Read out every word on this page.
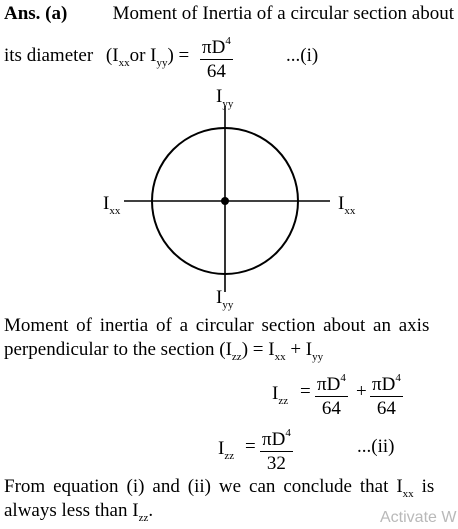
Ans. (a) Moment of Inertia of a circular section about
its diameter ($I_{xx}or$ $I_{yy}) = \frac{\pi D^4}{64}$	...(i)
$I_{yy}$
$I_{yy}$
$I_{xx}$	$I_{xx}$
Moment of inertia of a circular section about an axis
perpendicular to the section $(I_{zz}) = I_{xx} + I_{yy}$
$I_{zz} = \frac{\pi D^4}{64} + \frac{\pi D^4}{64}$
$I_{zz} = \frac{\pi D^4}{32}$	...(ii)
From equation (i) and (ii) we can conclude that $I_{xx}$ is
always less than $I_{zz}$.	Activate W
